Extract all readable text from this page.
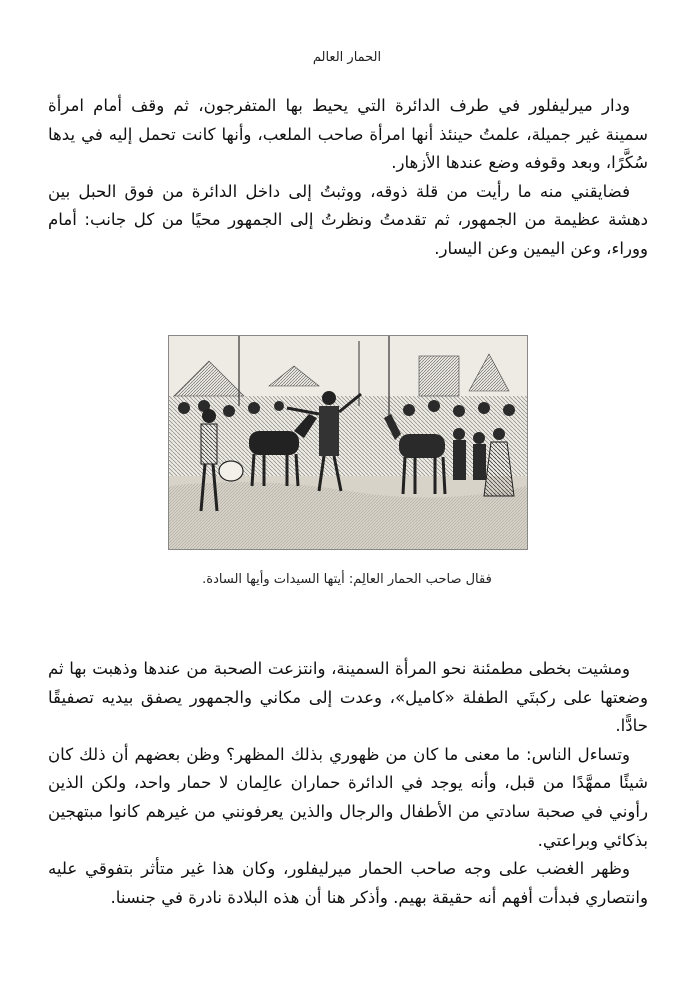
الحمار العالم

ودار ميرليفلور في طرف الدائرة التي يحيط بها المتفرجون، ثم وقف أمام امرأة سمينة غير جميلة، علمتُ حينئذ أنها امرأة صاحب الملعب، وأنها كانت تحمل إليه في يدها سُكَّرًا، وبعد وقوفه وضع عندها الأزهار.

فضايقني منه ما رأيت من قلة ذوقه، ووثبتُ إلى داخل الدائرة من فوق الحبل بين دهشة عظيمة من الجمهور، ثم تقدمتُ ونظرتُ إلى الجمهور محيًا من كل جانب: أمام ووراء، وعن اليمين وعن اليسار.

فقال صاحب الحمار العالِم: أيتها السيدات وأيها السادة.

ومشيت بخطى مطمئنة نحو المرأة السمينة، وانتزعت الصحبة من عندها وذهبت بها ثم وضعتها على ركبتَي الطفلة «كاميل»، وعدت إلى مكاني والجمهور يصفق بيديه تصفيقًا حادًّا.

وتساءل الناس: ما معنى ما كان من ظهوري بذلك المظهر؟ وظن بعضهم أن ذلك كان شيئًا ممهَّدًا من قبل، وأنه يوجد في الدائرة حماران عالِمان لا حمار واحد، ولكن الذين رأوني في صحبة سادتي من الأطفال والرجال والذين يعرفونني من غيرهم كانوا مبتهجين بذكائي وبراعتي.

وظهر الغضب على وجه صاحب الحمار ميرليفلور، وكان هذا غير متأثر بتفوقي عليه وانتصاري فبدأت أفهم أنه حقيقة بهيم. وأذكر هنا أن هذه البلادة نادرة في جنسنا.
